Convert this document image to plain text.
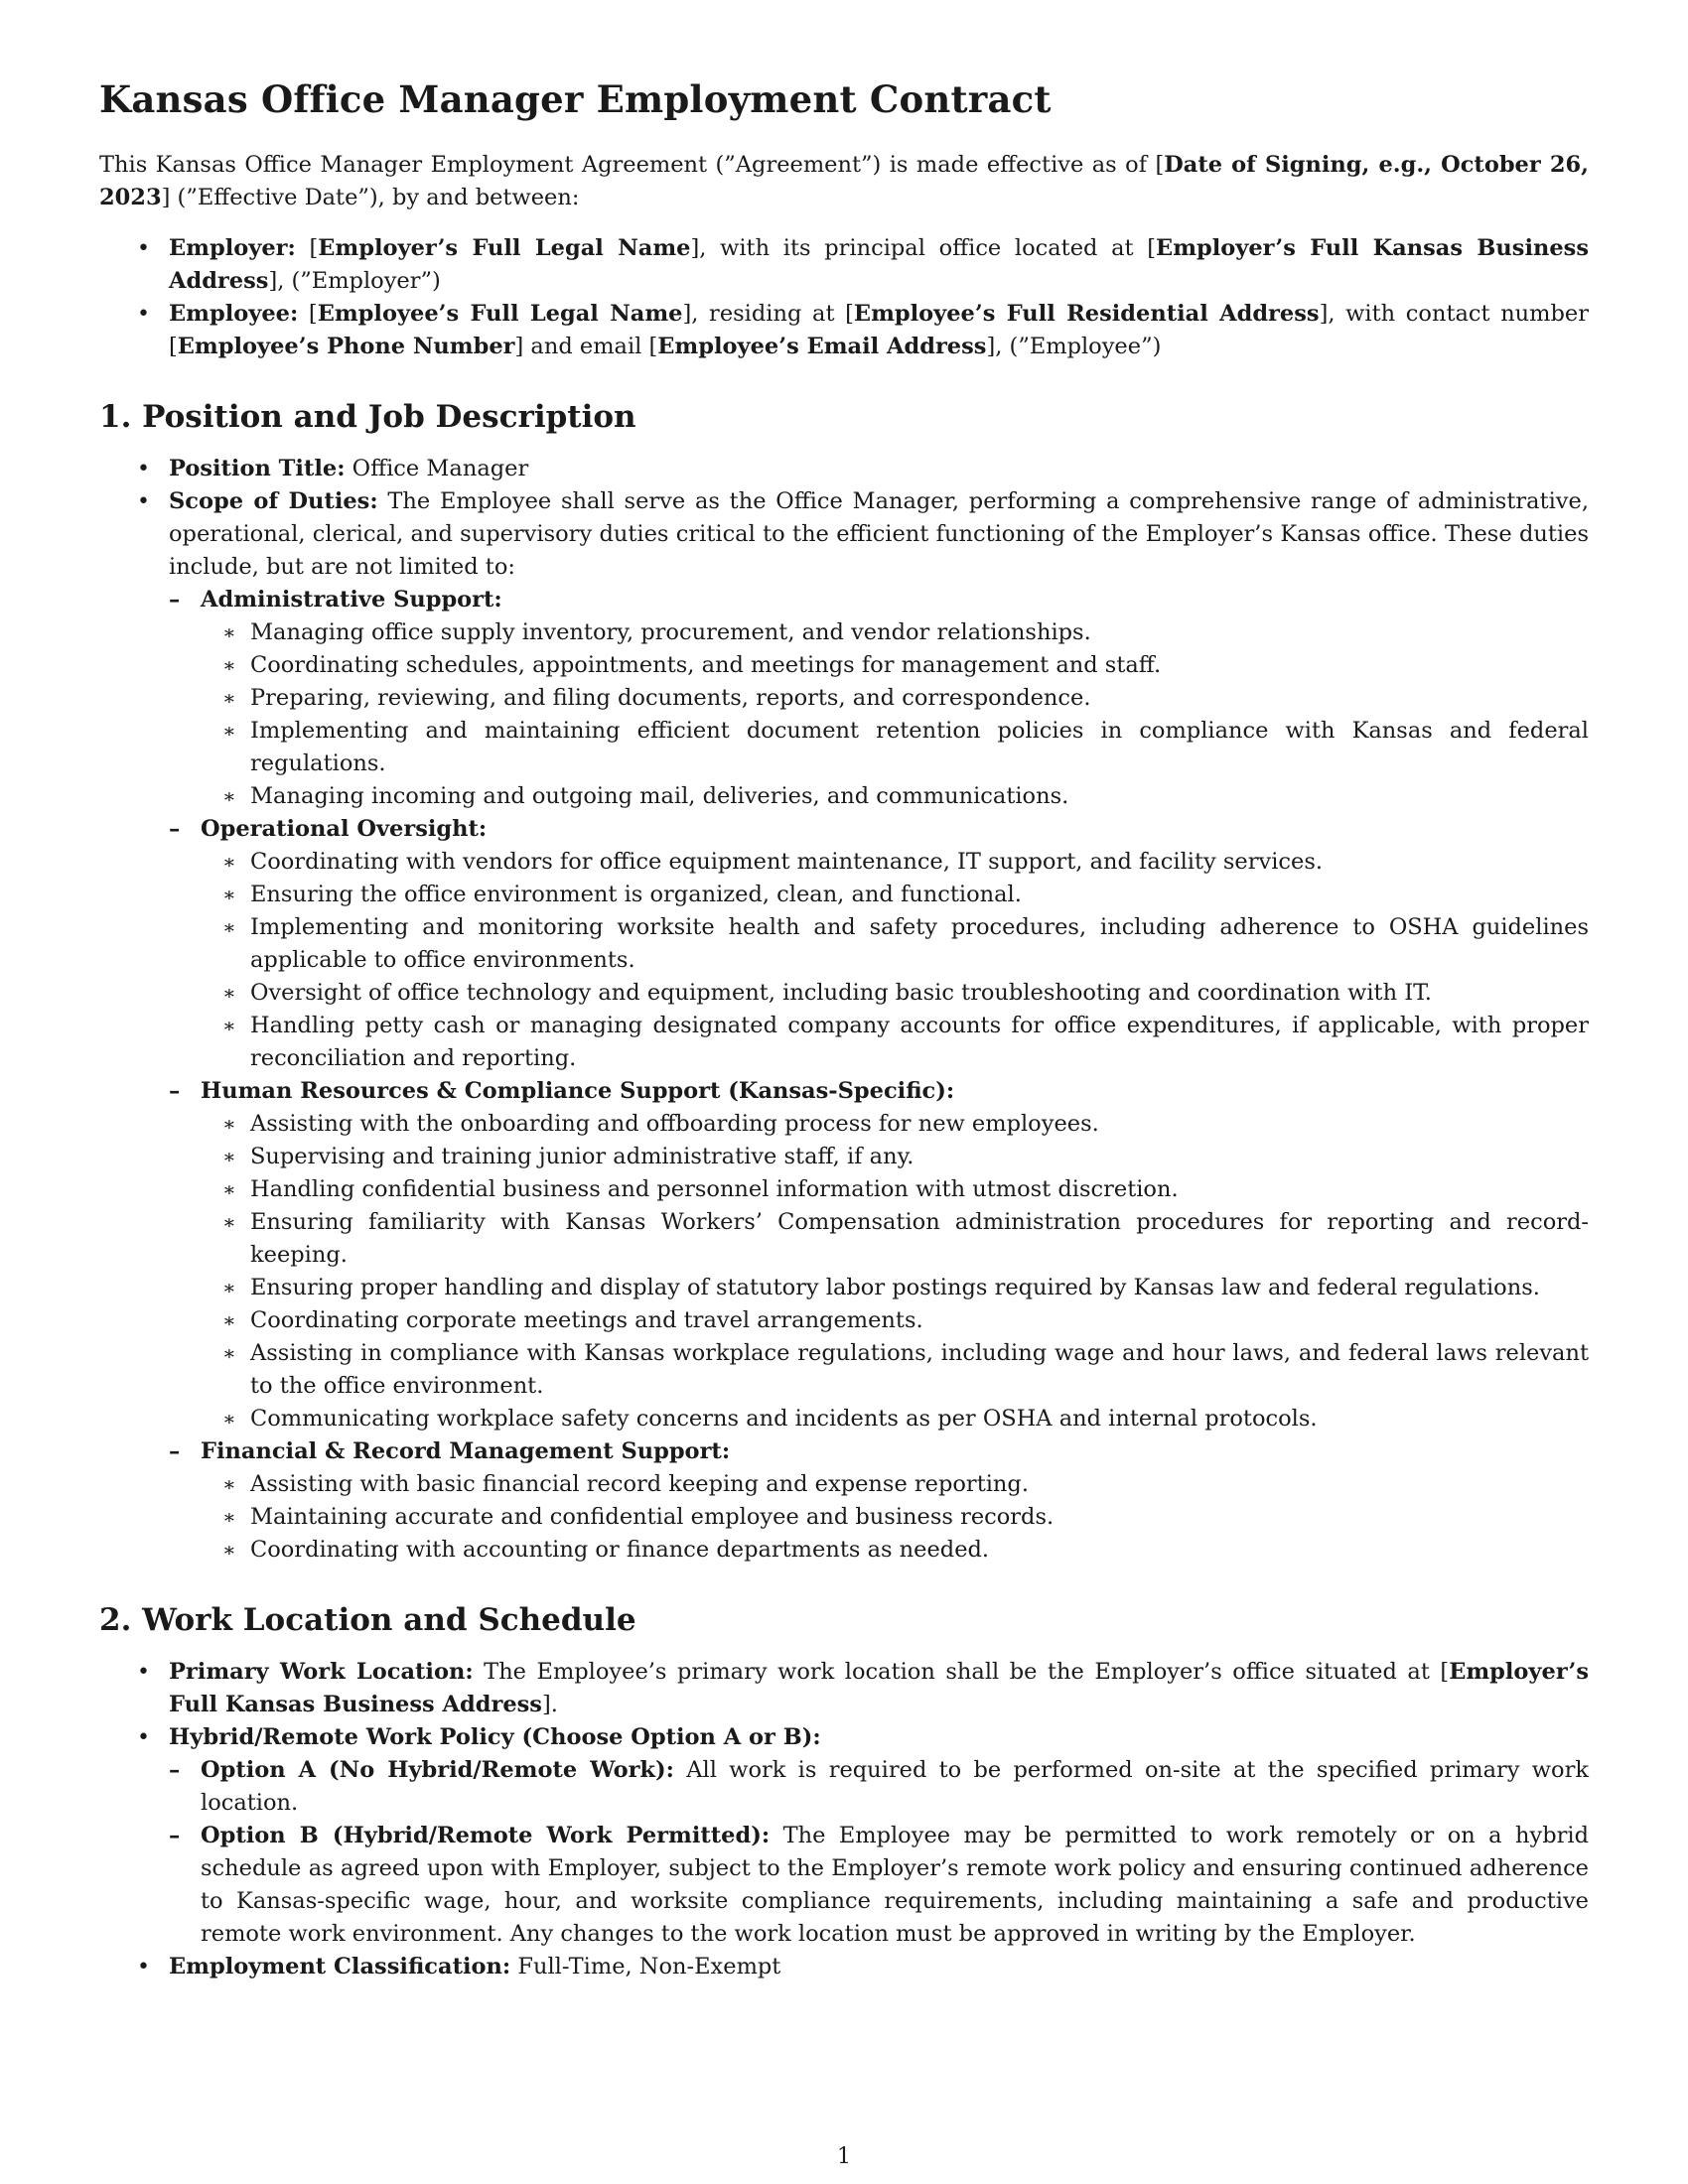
Kansas Office Manager Employment Contract

This Kansas Office Manager Employment Agreement (”Agreement”) is made effective as of [Date of Signing, e.g., October 26, 2023] (”Effective Date”), by and between:

• Employer: [Employer’s Full Legal Name], with its principal office located at [Employer’s Full Kansas Business Address], (”Employer”)
• Employee: [Employee’s Full Legal Name], residing at [Employee’s Full Residential Address], with contact number [Employee’s Phone Number] and email [Employee’s Email Address], (”Employee”)
1. Position and Job Description
• Position Title: Office Manager
• Scope of Duties: The Employee shall serve as the Office Manager, performing a comprehensive range of administrative, operational, clerical, and supervisory duties critical to the efficient functioning of the Employer’s Kansas office. These duties include, but are not limited to:
– Administrative Support:
∗ Managing office supply inventory, procurement, and vendor relationships.
∗ Coordinating schedules, appointments, and meetings for management and staff.
∗ Preparing, reviewing, and filing documents, reports, and correspondence.
∗ Implementing and maintaining efficient document retention policies in compliance with Kansas and federal regulations.
∗ Managing incoming and outgoing mail, deliveries, and communications.
– Operational Oversight:
∗ Coordinating with vendors for office equipment maintenance, IT support, and facility services.
∗ Ensuring the office environment is organized, clean, and functional.
∗ Implementing and monitoring worksite health and safety procedures, including adherence to OSHA guidelines applicable to office environments.
∗ Oversight of office technology and equipment, including basic troubleshooting and coordination with IT.
∗ Handling petty cash or managing designated company accounts for office expenditures, if applicable, with proper reconciliation and reporting.
– Human Resources & Compliance Support (Kansas-Specific):
∗ Assisting with the onboarding and offboarding process for new employees.
∗ Supervising and training junior administrative staff, if any.
∗ Handling confidential business and personnel information with utmost discretion.
∗ Ensuring familiarity with Kansas Workers’ Compensation administration procedures for reporting and record-keeping.
∗ Ensuring proper handling and display of statutory labor postings required by Kansas law and federal regulations.
∗ Coordinating corporate meetings and travel arrangements.
∗ Assisting in compliance with Kansas workplace regulations, including wage and hour laws, and federal laws relevant to the office environment.
∗ Communicating workplace safety concerns and incidents as per OSHA and internal protocols.
– Financial & Record Management Support:
∗ Assisting with basic financial record keeping and expense reporting.
∗ Maintaining accurate and confidential employee and business records.
∗ Coordinating with accounting or finance departments as needed.
2. Work Location and Schedule
• Primary Work Location: The Employee’s primary work location shall be the Employer’s office situated at [Employer’s Full Kansas Business Address].
• Hybrid/Remote Work Policy (Choose Option A or B):
– Option A (No Hybrid/Remote Work): All work is required to be performed on-site at the specified primary work location.
– Option B (Hybrid/Remote Work Permitted): The Employee may be permitted to work remotely or on a hybrid schedule as agreed upon with Employer, subject to the Employer’s remote work policy and ensuring continued adherence to Kansas-specific wage, hour, and worksite compliance requirements, including maintaining a safe and productive remote work environment. Any changes to the work location must be approved in writing by the Employer.
• Employment Classification: Full-Time, Non-Exempt
1
